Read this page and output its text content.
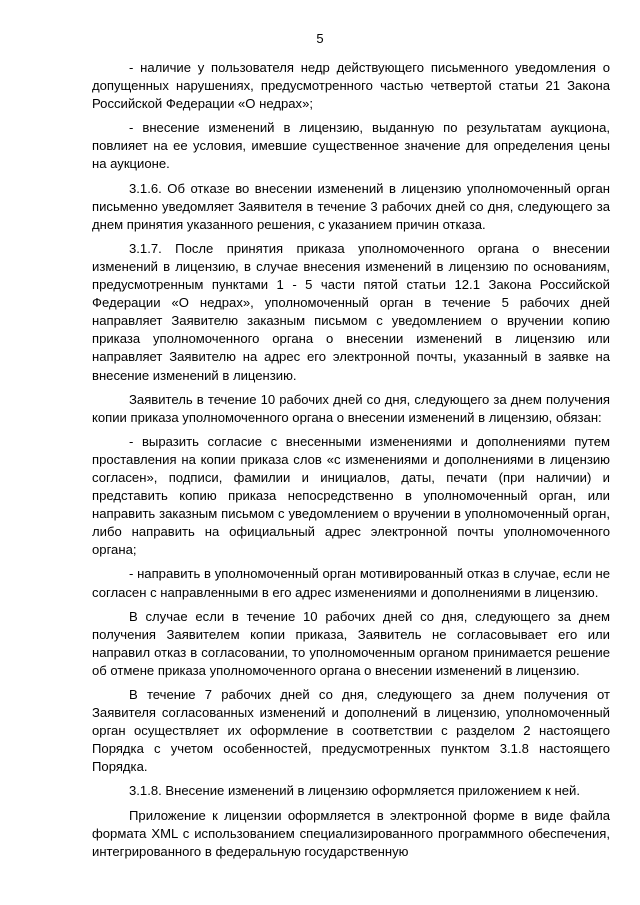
5

- наличие у пользователя недр действующего письменного уведомления о допущенных нарушениях, предусмотренного частью четвертой статьи 21 Закона Российской Федерации «О недрах»;

- внесение изменений в лицензию, выданную по результатам аукциона, повлияет на ее условия, имевшие существенное значение для определения цены на аукционе.

3.1.6. Об отказе во внесении изменений в лицензию уполномоченный орган письменно уведомляет Заявителя в течение 3 рабочих дней со дня, следующего за днем принятия указанного решения, с указанием причин отказа.

3.1.7. После принятия приказа уполномоченного органа о внесении изменений в лицензию, в случае внесения изменений в лицензию по основаниям, предусмотренным пунктами 1 - 5 части пятой статьи 12.1 Закона Российской Федерации «О недрах», уполномоченный орган в течение 5 рабочих дней направляет Заявителю заказным письмом с уведомлением о вручении копию приказа уполномоченного органа о внесении изменений в лицензию или направляет Заявителю на адрес его электронной почты, указанный в заявке на внесение изменений в лицензию.

Заявитель в течение 10 рабочих дней со дня, следующего за днем получения копии приказа уполномоченного органа о внесении изменений в лицензию, обязан:

- выразить согласие с внесенными изменениями и дополнениями путем проставления на копии приказа слов «с изменениями и дополнениями в лицензию согласен», подписи, фамилии и инициалов, даты, печати (при наличии) и представить копию приказа непосредственно в уполномоченный орган, или направить заказным письмом с уведомлением о вручении в уполномоченный орган, либо направить на официальный адрес электронной почты уполномоченного органа;

- направить в уполномоченный орган мотивированный отказ в случае, если не согласен с направленными в его адрес изменениями и дополнениями в лицензию.

В случае если в течение 10 рабочих дней со дня, следующего за днем получения Заявителем копии приказа, Заявитель не согласовывает его или направил отказ в согласовании, то уполномоченным органом принимается решение об отмене приказа уполномоченного органа о внесении изменений в лицензию.

В течение 7 рабочих дней со дня, следующего за днем получения от Заявителя согласованных изменений и дополнений в лицензию, уполномоченный орган осуществляет их оформление в соответствии с разделом 2 настоящего Порядка с учетом особенностей, предусмотренных пунктом 3.1.8 настоящего Порядка.

3.1.8. Внесение изменений в лицензию оформляется приложением к ней.

Приложение к лицензии оформляется в электронной форме в виде файла формата XML с использованием специализированного программного обеспечения, интегрированного в федеральную государственную
